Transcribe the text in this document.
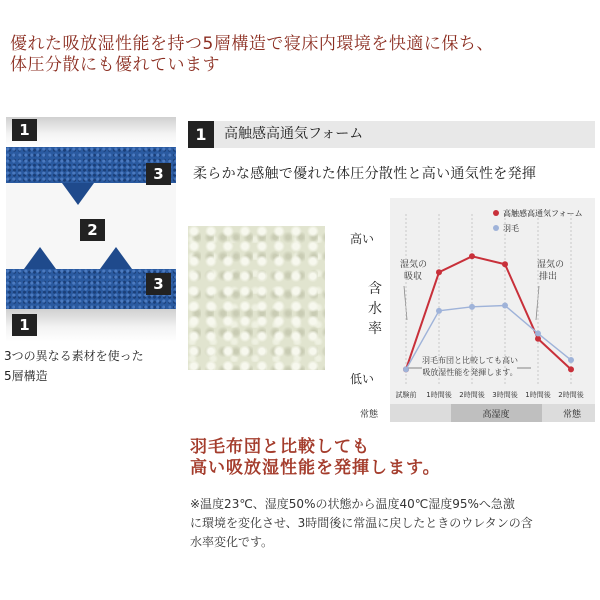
優れた吸放湿性能を持つ5層構造で寝床内環境を快適に保ち、
体圧分散にも優れています
1
3
2
3
1
3つの異なる素材を使った
5層構造
1	高触感高通気フォーム
柔らかな感触で優れた体圧分散性と高い通気性を発揮
高い
低い
含水率
湿気の
吸収
湿気の
排出
羽毛布団と比較しても高い
吸放湿性能を発揮します。
常態	高湿度	常態
高触感高通気フォーム
羽毛
試験前 1時間後 2時間後 3時間後 1時間後 2時間後
羽毛布団と比較しても
高い吸放湿性能を発揮します。
※温度23℃、湿度50%の状態から温度40℃湿度95%へ急激
に環境を変化させ、3時間後に常温に戻したときのウレタンの含
水率変化です。
